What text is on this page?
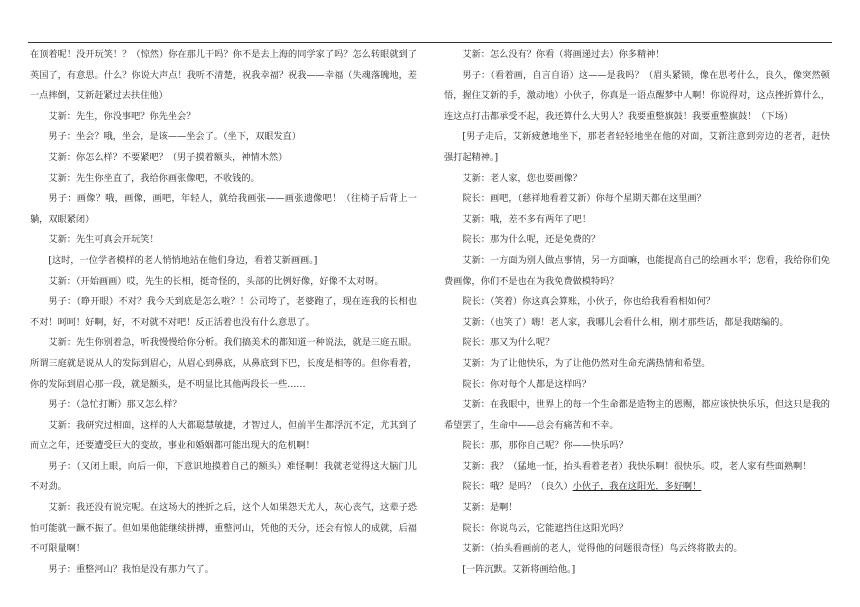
在顶着呢！没开玩笑！？（惊然）你在那儿干吗？你不是去上海的同学家了吗？怎么转眼就到了英国了，有意思。什么？你说大声点！我听不清楚，祝我幸福？祝我——幸福（失魂落魄地，差一点摔倒，艾新赶紧过去扶住他）

艾新：先生，你没事吧？你先坐会？

男子：坐会？哦，坐会，是该——坐会了。（坐下，双眼发直）

艾新：你怎么样？不要紧吧？（男子摸着额头，神情木然）

艾新：先生你坐直了，我给你画张像吧，不收钱的。

男子：画像？哦，画像，画吧，年轻人，就给我画张——画张遗像吧！（往椅子后背上一躺，双眼紧闭）

艾新：先生可真会开玩笑！

[这时，一位学者模样的老人悄悄地站在他们身边，看着艾新画画。]

艾新：（开始画画）哎，先生的长相，挺奇怪的，头部的比例好像，好像不太对呀。

男子：（睁开眼）不对？我今天到底是怎么啦？！公司垮了，老婆跑了，现在连我的长相也不对！呵呵！好啊，好，不对就不对吧！反正活着也没有什么意思了。

艾新：先生你别着急，听我慢慢给你分析。我们搞美术的都知道一种说法，就是三庭五眼。所谓三庭就是说从人的发际到眉心，从眉心到鼻底，从鼻底到下巴，长度是相等的。但你看着，你的发际到眉心那一段，就是额头，是不明显比其他两段长一些……

男子：（急忙打断）那又怎么样？

艾新：我研究过相面，这样的人大都聪慧敏捷，才智过人，但前半生都浮沉不定，尤其到了而立之年，还要遭受巨大的变故，事业和婚姻都可能出现大的危机啊！

男子：（又闭上眼，向后一仰，下意识地摸着自己的额头）难怪啊！我就老觉得这大脑门儿不对劲。

艾新：我还没有说完呢。在这场大的挫折之后，这个人如果怨天尤人，灰心丧气，这辈子恐怕可能就一蹶不振了。但如果他能继续拼搏，重整河山，凭他的天分，还会有惊人的成就，后福不可限量啊！

男子：重整河山？我怕是没有那力气了。

艾新：怎么没有？你看（将画递过去）你多精神！

男子：（看着画，自言自语）这——是我吗？（眉头紧锁，像在思考什么，良久，像突然顿悟，握住艾新的手，激动地）小伙子，你真是一语点醒梦中人啊！你说得对，这点挫折算什么，连这点打击都承受不起，我还算什么大男人？我要重整旗鼓！我要重整旗鼓！（下场）

[男子走后，艾新疲惫地坐下，那老者轻轻地坐在他的对面，艾新注意到旁边的老者，赶快强打起精神。]

艾新：老人家，您也要画像？

院长：画吧，（慈祥地看着艾新）你每个星期天都在这里画？

艾新：哦，差不多有两年了吧！

院长：那为什么呢，还是免费的？

艾新：一方面为别人做点事情，另一方面嘛，也能提高自己的绘画水平；您看，我给你们免费画像，你们不是也在为我免费做模特吗？

院长：（笑着）你这真会算账，小伙子，你也给我看看相如何？

艾新：（也笑了）嗨！老人家，我哪儿会看什么相，刚才那些话，都是我瞎编的。

院长：那又为什么呢？

艾新：为了让他快乐，为了让他仍然对生命充满热情和希望。

院长：你对每个人都是这样吗？

艾新：在我眼中，世界上的每一个生命都是造物主的恩赐，都应该快快乐乐，但这只是我的希望罢了，生命中——总会有痛苦和不幸。

院长：那，那你自己呢？你——快乐吗？

艾新：我？（猛地一怔，抬头看着老者）我快乐啊！很快乐。哎，老人家有些面熟啊！

院长：哦？是吗？（良久）小伙子，我在这阳光，多好啊！

艾新：是啊！

院长：你说鸟云，它能遮挡住这阳光吗？

艾新：（抬头看画前的老人，觉得他的问题很奇怪）鸟云终将散去的。

[一阵沉默。艾新将画给他。]
